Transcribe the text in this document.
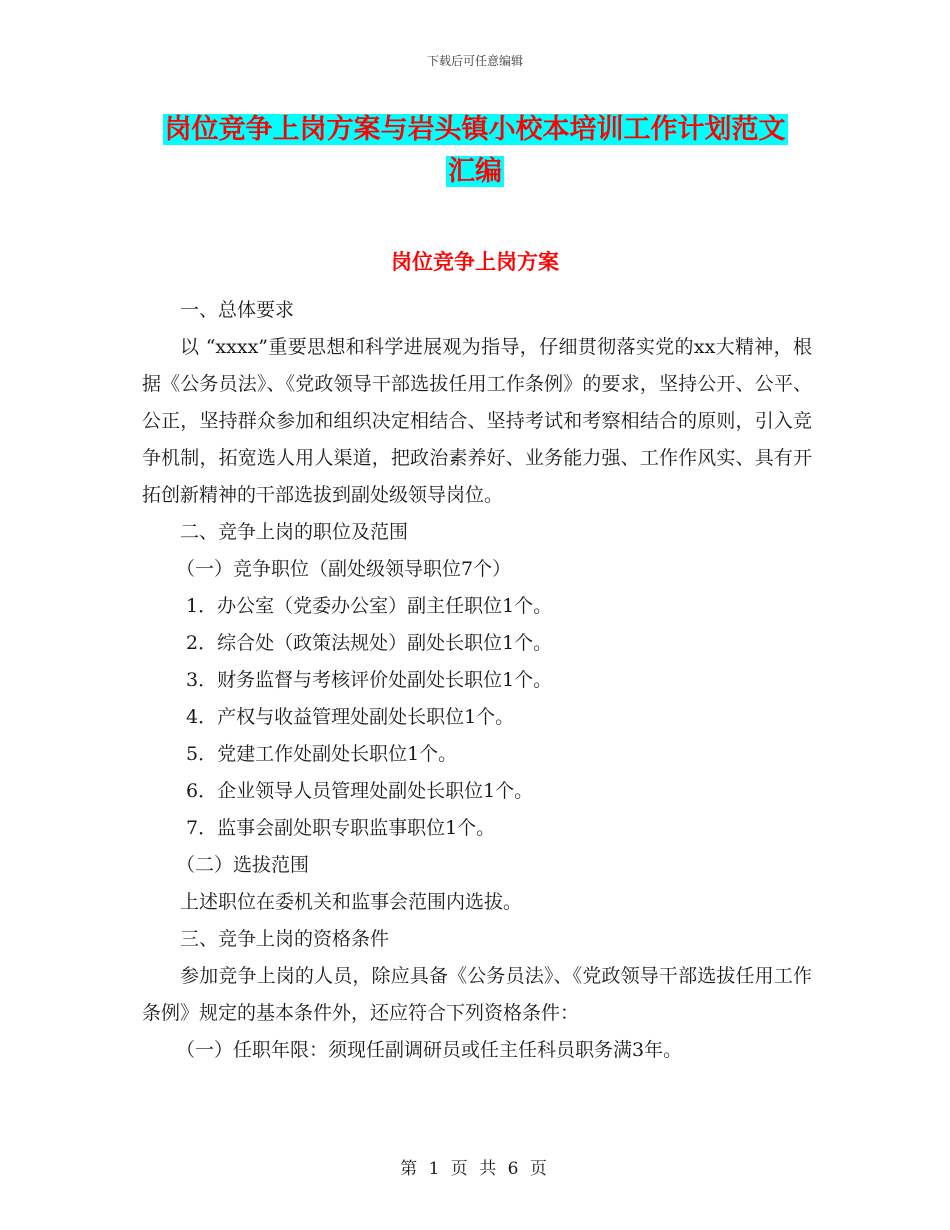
下载后可任意编辑
岗位竞争上岗方案与岩头镇小校本培训工作计划范文
汇编
岗位竞争上岗方案

一、总体要求

以 “xxxx”重要思想和科学进展观为指导，仔细贯彻落实党的xx大精神，根据《公务员法》、《党政领导干部选拔任用工作条例》的要求，坚持公开、公平、公正，坚持群众参加和组织决定相结合、坚持考试和考察相结合的原则，引入竞争机制，拓宽选人用人渠道，把政治素养好、业务能力强、工作作风实、具有开拓创新精神的干部选拔到副处级领导岗位。

二、竞争上岗的职位及范围

（一）竞争职位（副处级领导职位7个）

1．办公室（党委办公室）副主任职位1个。

2．综合处（政策法规处）副处长职位1个。

3．财务监督与考核评价处副处长职位1个。

4．产权与收益管理处副处长职位1个。

5．党建工作处副处长职位1个。

6．企业领导人员管理处副处长职位1个。

7．监事会副处职专职监事职位1个。

（二）选拔范围

上述职位在委机关和监事会范围内选拔。

三、竞争上岗的资格条件

参加竞争上岗的人员，除应具备《公务员法》、《党政领导干部选拔任用工作条例》规定的基本条件外，还应符合下列资格条件：

（一）任职年限：须现任副调研员或任主任科员职务满3年。

第 1 页 共 6 页
